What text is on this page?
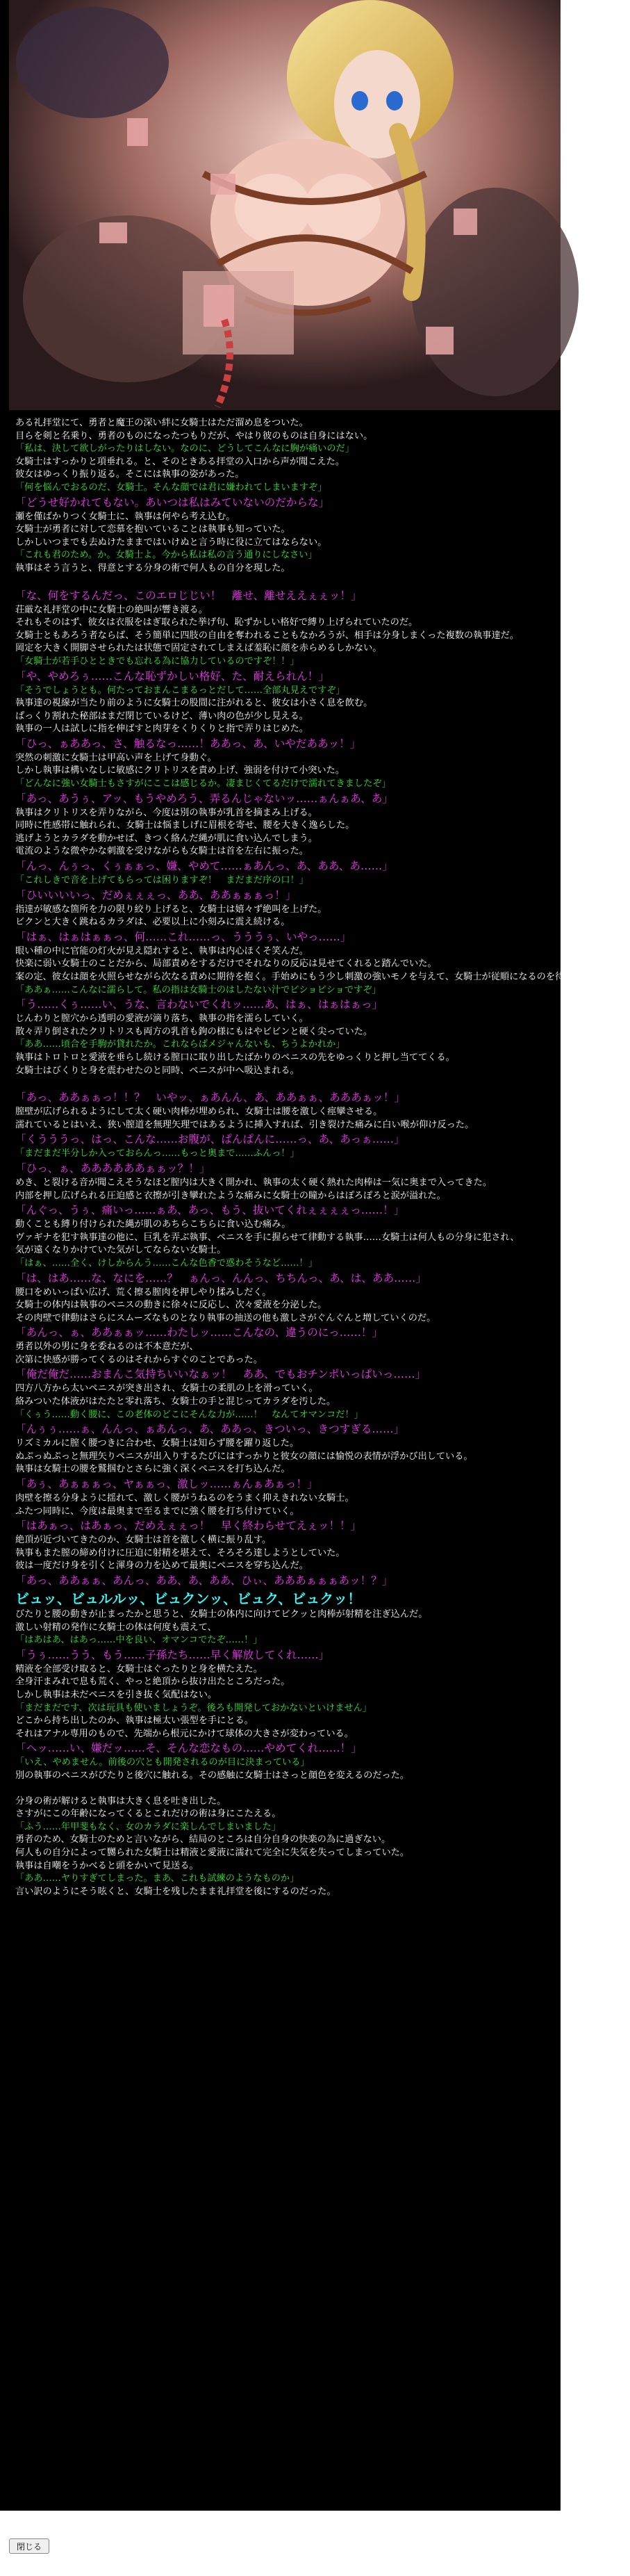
ある礼拝堂にて、勇者と魔王の深い絆に女騎士はただ溜め息をついた。

目らを剣と名乗り、勇者のものになったつもりだが、やはり彼のものは自身にはない。

「私は、決して欲しがったりはしない。なのに、どうしてこんなに胸が痛いのだ」

女騎士はすっかりと項垂れる。と、そのときある拝堂の入口から声が聞こえた。

彼女はゆっくり振り返る。そこには執事の姿があった。

「何を悩んでおるのだ、女騎士。そんな顔では君に嫌われてしまいますぞ」

「どうせ好かれてもない。あいつは私はみていないのだからな」

瀬を僅ばかりつく女騎士に、執事は何やら考え込む。

女騎士が勇者に対して恋慕を抱いていることは執事も知っていた。

しかしいつまでも去ぬけたままではいけぬと言う時に役に立てはならない。

「これも君のため。か。女騎士よ。今から私は私の言う通りにしなさい」

執事はそう言うと、得意とする分身の術で何人もの自分を現した。

「な、何をするんだっ、このエロじじい！　離せ、離せええぇぇッ！」

荘厳な礼拝堂の中に女騎士の絶叫が響き渡る。

それもそのはず、彼女は衣服をはぎ取られた挙げ句、恥ずかしい格好で縛り上げられていたのだ。

女騎士ともあろう者ならば、そう簡単に四肢の自由を奪われることもなかろうが、相手は分身しまくった複数の執事達だ。

岡定を大きく開脚させられたは状態で固定されてしまえば羞恥に顔を赤らめるしかない。

「女騎士が若手ひとときでも忘れる為に協力しているのですぞ！！」

「や、やめろぅ……こんな恥ずかしい格好、た、耐えられん！」

「そうでしょうとも。何たっておまんこまるっとだして……全部丸見えですぞ」

執事達の視線が当たり前のように女騎士の股間に注がれると、彼女は小さく息を飲む。

ぱっくり割れた秘部はまだ閉じているけど、薄い肉の色が少し見える。

執事の一人は試しに指を伸ばすと肉芽をくりくりと指で弄りはじめた。

「ひっ、ぁああっ、さ、触るなっ……！ああっ、あ、いやだああッ！」

突然の刺激に女騎士は甲高い声を上げて身動ぐ。

しかし執事は構いなしに敏感にクリトリスを責め上げ、強弱を付けて小突いた。

「どんなに強い女騎士もさすがにここは感じるか。凄まじくてるだけで濡れてきましたぞ」

「あっ、あうぅ、アッ、もうやめろう、弄るんじゃないッ……ぁんぁあ、あ」

執事はクリトリスを弄りながら、今度は別の執事が乳首を摘まみ上げる。

同時に性感帯に触れられ、女騎士は悩ましげに眉根を寄せ、腰を大きく逸らした。

逃げようとカラダを動かせば、きつく絡んだ縄が肌に食い込んでしまう。

電流のような微やかな刺激を受けながらも女騎士は首を左右に振った。

「んっ、んぅっ、くぅぁぁっ、嫌、やめて……ぁあんっ、あ、ああ、あ……」

「これしきで音を上げてもらっては困りますぞ！　まだまだ序の口！」

「ひいいいいっ、だめぇぇぇっ、ああ、ああぁぁぁっ！」

指達が敏感な箇所を力の限り絞り上げると、女騎士は嬉々ず絶叫を上げた。

ビクンと大きく跳ねるカラダは、必要以上に小刻みに震え続ける。

「はぁ、はぁはぁぁっ、何……これ……っ、うううぅ、いやっ……」

眼い種の中に官能の灯火が見え隠れすると、執事は内心ほくそ笑んだ。

快楽に弱い女騎士のことだから、局部責めをするだけでそれなりの反応は見せてくれると踏んでいた。

案の定、彼女は顔を火照らせながら次なる責めに期待を抱く。手始めにもう少し刺激の強いモノを与えて、女騎士が従順になるのを待つとしよう。

「ああぁ……こんなに濡らして。私の指は女騎士のはしたない汁でビショビショですぞ」

「う……くぅ……い、うな、言わないでくれッ……あ、はぁ、はぁはぁっ」

じんわりと膣穴から透明の愛液が滴り落ち、執事の指を濡らしていく。

散々弄り倒されたクリトリスも両方の乳首も鉤の様にもはやビビンと硬く尖っていた。

「ああ……頃合を手駒が貸れたか。これならばメジャんないも、ちうよかれか」

執事はトロトロと愛液を垂らし続ける膣口に取り出したばかりのペニスの先をゆっくりと押し当ててくる。

女騎士はびくりと身を震わせたのと同時、ペニスが中へ吸込まれる。

「あっ、ああぁぁっ！！？　いやッ、ぁあんん、あ、ああぁぁ、あああぁッ！」

膣壁が広げられるようにして太く硬い肉棒が埋められ、女騎士は腰を激しく痙攣させる。

濡れているとはいえ、狭い膣道を無理矢理ではあるように挿入すれば、引き裂けた痛みに白い喉が仰け反った。

「くうううっ、はっ、こんな……お腹が、ぱんぱんに……っ、あ、あっぁ……」

「まだまだ半分しか入っておらんっ……もっと奥まで……ふんっ！」

「ひっ、ぁ、ああああああぁぁッ？！」

めき、と裂ける音が聞こえそうなほど膣内は大きく開かれ、執事の太く硬く熱れた肉棒は一気に奥まで入ってきた。

内部を押し広げられる圧迫感と衣擦が引き攣れたような痛みに女騎士の瞳からはぽろぽろと涙が溢れた。

「んぐっ、うぅ、痛いっ……ぁあ、あっ、もう、抜いてくれぇぇぇぇっ……！」

動くことも縛り付けられた縄が肌のあちらこちらに食い込む痛み。

ヴァギナを犯す執事達の他に、巨乳を弄ぶ執事、ペニスを手に握らせて律動する執事……女騎士は何人もの分身に犯され、

気が遠くなりかけていた気がしてならない女騎士。

「はぁ、……全く、けしからんう……こんな色香で惑わそうなど……！」

「は、はあ……な、なにを……？　ぁんっ、んんっ、ちちんっ、あ、は、ああ……」

腰口をめいっぱい広げ、荒く擦る膣肉を押しやり揉みしだく。

女騎士の体内は執事のペニスの動きに徐々に反応し、次々愛液を分泌した。

その肉壁で律動はさらにスムーズなものとなり執事の抽送の他も激しさがぐんぐんと増していくのだ。

「あんっ、ぁ、ああぁぁッ……わたしッ……こんなの、違うのにっ……！」

勇者以外の男に身を委ねるのは不本意だが、

次第に快感が勝ってくるのはそれからすぐのことであった。

「俺だ俺だ……おまんこ気持ちいいなぁッ！　ああ、でもおチンポいっぱいっ……」

四方八方から太いペニスが突き出され、女騎士の柔肌の上を滑っていく。

絡みついた体液がはたたと零れ落ち、女騎士の手と混じってカラダを汚した。

「くぅう……動く腰に、この老体のどこにそんな力が……！　なんてオマンコだ！」

「んぅぅ……ぁ、んんっ、ぁあんっ、あ、ああっ、きついっ、きつすぎる……」

リズミカルに膣く腰つきに合わせ、女騎士は知らず腰を躍り返した。

ぬぷっぬぷっと無理矢りペニスが出入りするたびにはすっかりと彼女の顔には愉悦の表情が浮かび出している。

執事は女騎士の腰を鷲掴むとさらに強く深くペニスを打ち込んだ。

「あぅ、あぁぁぁっ、ヤぁぁっ、激しッ……ぁんぁあぁっ！」

肉壁を擦る分身ように揺れて、激しく腰がうねるのをうまく抑えきれない女騎士。

ふたつ同時に、今度は最奥まで至るまでに強く腰を打ち付けていく。

「はあぁっ、はあぁっ、だめえぇぇっ！　早く終わらせてえぇッ！！」

絶頂が近づいてきたのか、女騎士は首を激しく横に振り乱す。

執事もまた膣の締め付けに圧迫に射精を堪えて、そろそろ達しようとしていた。

彼は一度だけ身を引くと渾身の力を込めて最奥にペニスを穿ち込んだ。

「あっ、ああぁぁ、あんっ、ああ、あ、ああ、ひぃ、あああぁぁぁあッ！？」

ビュッ、ビュルルッ、ビュクンッ、ビュク、ビュクッ！

びたりと腰の動きが止まったかと思うと、女騎士の体内に向けてビクッと肉棒が射精を注ぎ込んだ。

激しい射精の発作に女騎士の体は何度も震えて、

「はあはあ、はあっ……中を良い、オマンコでたぞ……！」

「うぅ……うう、もう……子孫たち……早く解放してくれ……」

精液を全部受け取ると、女騎士はぐったりと身を横たえた。

全身汗まみれで息も荒く、やっと絶頂から抜け出たところだった。

しかし執事は未だペニスを引き抜く気配はない。

「まだまだです、次は玩具も使いましょうぞ。後ろも開発しておかないといけません」

どこから持ち出したのか、執事は極太い張型を手にとる。

それはアナル専用のもので、先端から根元にかけて球体の大きさが変わっている。

「ヘッ……い、嫌だッ……そ、そんな恋なもの……やめてくれ……！」

「いえ、やめません。前後の穴とも開発されるのが目に決まっている」

別の執事のペニスがぴたりと後穴に触れる。その感触に女騎士はさっと顔色を変えるのだった。

分身の術が解けると執事は大きく息を吐き出した。

さすがにこの年齢になってくるとこれだけの術は身にこたえる。

「ふう……年甲斐もなく、女のカラダに楽しんでしまいました」

勇者のため、女騎士のためと言いながら、結局のところは自分自身の快楽の為に過ぎない。

何人もの自分によって嬲られた女騎士は精液と愛液に濡れて完全に失気を失ってしまっていた。

執事は自嘲をうかべると頭をかいて見送る。

「ああ……ヤりすぎてしまった。まあ、これも試練のようなものか」

言い訳のようにそう呟くと、女騎士を残したまま礼拝堂を後にするのだった。

閉じる
